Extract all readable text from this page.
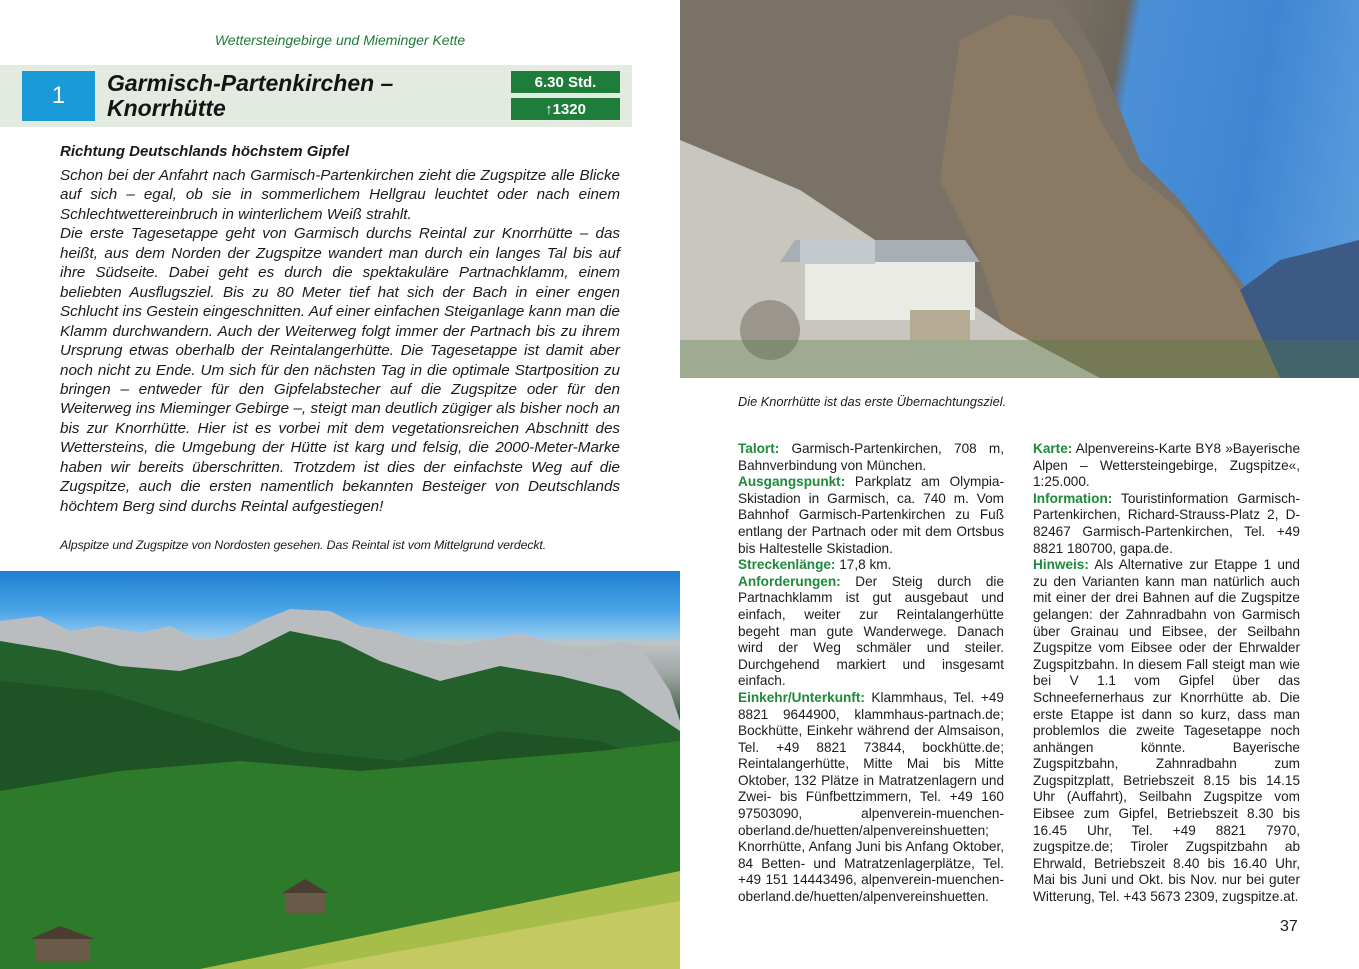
Wettersteingebirge und Mieminger Kette
1	Garmisch-Partenkirchen –
Knorrhütte
6.30 Std.
↑1320
Richtung Deutschlands höchstem Gipfel

Schon bei der Anfahrt nach Garmisch-Partenkirchen zieht die Zugspitze alle Blicke auf sich – egal, ob sie in sommerlichem Hellgrau leuchtet oder nach einem Schlechtwettereinbruch in winterlichem Weiß strahlt.

Die erste Tagesetappe geht von Garmisch durchs Reintal zur Knorrhütte – das heißt, aus dem Norden der Zugspitze wandert man durch ein langes Tal bis auf ihre Südseite. Dabei geht es durch die spektakuläre Partnachklamm, einem beliebten Ausflugsziel. Bis zu 80 Meter tief hat sich der Bach in einer engen Schlucht ins Gestein eingeschnitten. Auf einer einfachen Steiganlage kann man die Klamm durchwandern. Auch der Weiterweg folgt immer der Partnach bis zu ihrem Ursprung etwas oberhalb der Reintalangerhütte. Die Tagesetappe ist damit aber noch nicht zu Ende. Um sich für den nächsten Tag in die optimale Startposition zu bringen – entweder für den Gipfelabstecher auf die Zugspitze oder für den Weiterweg ins Mieminger Gebirge –, steigt man deutlich zügiger als bisher noch an bis zur Knorrhütte. Hier ist es vorbei mit dem vegetationsreichen Abschnitt des Wettersteins, die Umgebung der Hütte ist karg und felsig, die 2000-Meter-Marke haben wir bereits überschritten. Trotzdem ist dies der einfachste Weg auf die Zugspitze, auch die ersten namentlich bekannten Besteiger von Deutschlands höchtem Berg sind durchs Reintal aufgestiegen!

Alpspitze und Zugspitze von Nordosten gesehen. Das Reintal ist vom Mittelgrund verdeckt.
Die Knorrhütte ist das erste Übernachtungsziel.

Talort: Garmisch-Partenkirchen, 708 m, Bahnverbindung von München.

Ausgangspunkt: Parkplatz am Olympia-Skistadion in Garmisch, ca. 740 m. Vom Bahnhof Garmisch-Partenkirchen zu Fuß entlang der Partnach oder mit dem Ortsbus bis Haltestelle Skistadion.

Streckenlänge: 17,8 km.

Anforderungen: Der Steig durch die Partnachklamm ist gut ausgebaut und einfach, weiter zur Reintalangerhütte begeht man gute Wanderwege. Danach wird der Weg schmäler und steiler. Durchgehend markiert und insgesamt einfach.

Einkehr/Unterkunft: Klammhaus, Tel. +49 8821 9644900, klammhaus-partnach.de; Bockhütte, Einkehr während der Almsaison, Tel. +49 8821 73844, bockhütte.de; Reintalangerhütte, Mitte Mai bis Mitte Oktober, 132 Plätze in Matratzenlagern und Zwei- bis Fünfbettzimmern, Tel. +49 160 97503090, alpenverein-muenchen-oberland.de/huetten/alpenvereinshuetten; Knorrhütte, Anfang Juni bis Anfang Oktober, 84 Betten- und Matratzenlagerplätze, Tel. +49 151 14443496, alpenverein-muenchen-oberland.de/huetten/alpenvereinshuetten.

Karte: Alpenvereins-Karte BY8 »Bayerische Alpen – Wettersteingebirge, Zugspitze«, 1:25.000.

Information: Touristinformation Garmisch-Partenkirchen, Richard-Strauss-Platz 2, D-82467 Garmisch-Partenkirchen, Tel. +49 8821 180700, gapa.de.

Hinweis: Als Alternative zur Etappe 1 und zu den Varianten kann man natürlich auch mit einer der drei Bahnen auf die Zugspitze gelangen: der Zahnradbahn von Garmisch über Grainau und Eibsee, der Seilbahn Zugspitze vom Eibsee oder der Ehrwalder Zugspitzbahn. In diesem Fall steigt man wie bei V 1.1 vom Gipfel über das Schneefernerhaus zur Knorrhütte ab. Die erste Etappe ist dann so kurz, dass man problemlos die zweite Tagesetappe noch anhängen könnte. Bayerische Zugspitzbahn, Zahnradbahn zum Zugspitzplatt, Betriebszeit 8.15 bis 14.15 Uhr (Auffahrt), Seilbahn Zugspitze vom Eibsee zum Gipfel, Betriebszeit 8.30 bis 16.45 Uhr, Tel. +49 8821 7970, zugspitze.de; Tiroler Zugspitzbahn ab Ehrwald, Betriebszeit 8.40 bis 16.40 Uhr, Mai bis Juni und Okt. bis Nov. nur bei guter Witterung, Tel. +43 5673 2309, zugspitze.at.

37
